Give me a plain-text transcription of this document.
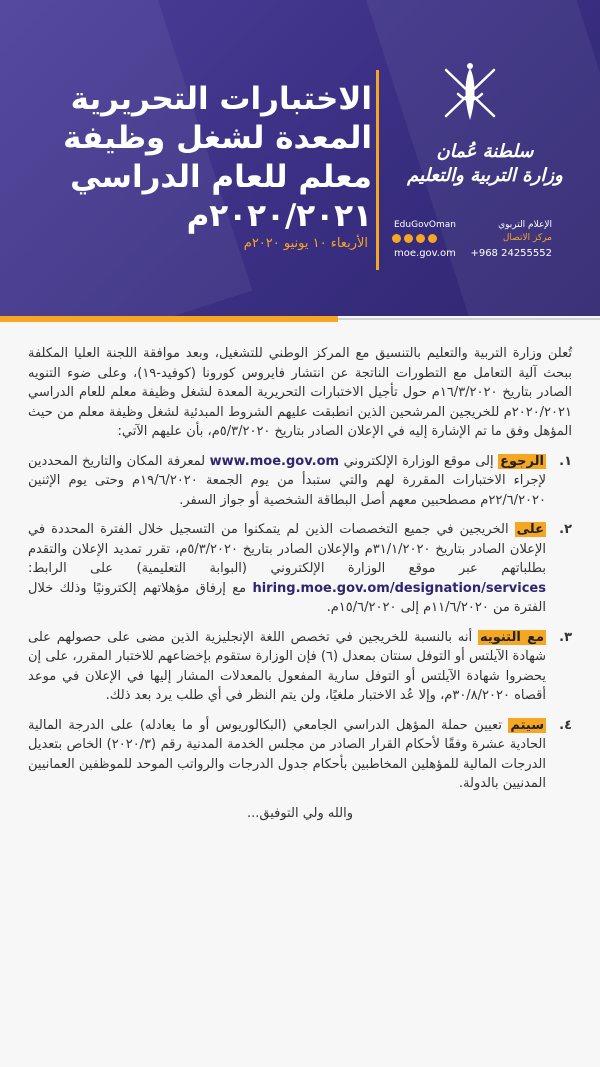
الاختبارات التحريرية
المعدة لشغل وظيفة
معلم للعام الدراسي
٢٠٢٠/٢٠٢١م
الأربعاء ١٠ يونيو ٢٠٢٠م
سلطنة عُمان
وزارة التربية والتعليم
الإعلام التربوي
EduGovOman
مركز الاتصال
moe.gov.om +968 24255552

تُعلن وزارة التربية والتعليم بالتنسيق مع المركز الوطني للتشغيل، وبعد موافقة اللجنة العليا المكلفة ببحث آلية التعامل مع التطورات الناتجة عن انتشار فايروس كورونا (كوفيد-١٩)، وعلى ضوء التنويه الصادر بتاريخ ١٦/٣/٢٠٢٠م حول تأجيل الاختبارات التحريرية المعدة لشغل وظيفة معلم للعام الدراسي ٢٠٢٠/٢٠٢١م للخريجين المرشحين الذين انطبقت عليهم الشروط المبدئية لشغل وظيفة معلم من حيث المؤهل وفق ما تم الإشارة إليه في الإعلان الصادر بتاريخ ٥/٣/٢٠٢٠م، بأن عليهم الآتي:

١.
الرجوع إلى موقع الوزارة الإلكتروني www.moe.gov.om لمعرفة المكان والتاريخ المحددين لإجراء الاختبارات المقررة لهم والتي ستبدأ من يوم الجمعة ١٩/٦/٢٠٢٠م وحتى يوم الإثنين ٢٢/٦/٢٠٢٠م مصطحبين معهم أصل البطاقة الشخصية أو جواز السفر.
٢.
على الخريجين في جميع التخصصات الذين لم يتمكنوا من التسجيل خلال الفترة المحددة في الإعلان الصادر بتاريخ ٣١/١/٢٠٢٠م والإعلان الصادر بتاريخ ٥/٣/٢٠٢٠م، تقرر تمديد الإعلان والتقدم بطلباتهم عبر موقع الوزارة الإلكتروني (البوابة التعليمية) على الرابط: hiring.moe.gov.om/designation/services مع إرفاق مؤهلاتهم إلكترونيًا وذلك خلال الفترة من ١١/٦/٢٠٢٠م إلى ١٥/٦/٢٠٢٠م.
٣.
مع التنويه أنه بالنسبة للخريجين في تخصص اللغة الإنجليزية الذين مضى على حصولهم على شهادة الآيلتس أو التوفل سنتان بمعدل (٦) فإن الوزارة ستقوم بإخضاعهم للاختبار المقرر، على إن يحضروا شهادة الآيلتس أو التوفل سارية المفعول بالمعدلات المشار إليها في الإعلان في موعد أقصاه ٣٠/٨/٢٠٢٠م، وإلا عُد الاختبار ملغيًا، ولن يتم النظر في أي طلب يرد بعد ذلك.
٤.
سيتم تعيين حملة المؤهل الدراسي الجامعي (البكالوريوس أو ما يعادله) على الدرجة المالية الحادية عشرة وفقًا لأحكام القرار الصادر من مجلس الخدمة المدنية رقم (٢٠٢٠/٣) الخاص بتعديل الدرجات المالية للمؤهلين المخاطبين بأحكام جدول الدرجات والرواتب الموحد للموظفين العمانيين المدنيين بالدولة.
والله ولي التوفيق...
